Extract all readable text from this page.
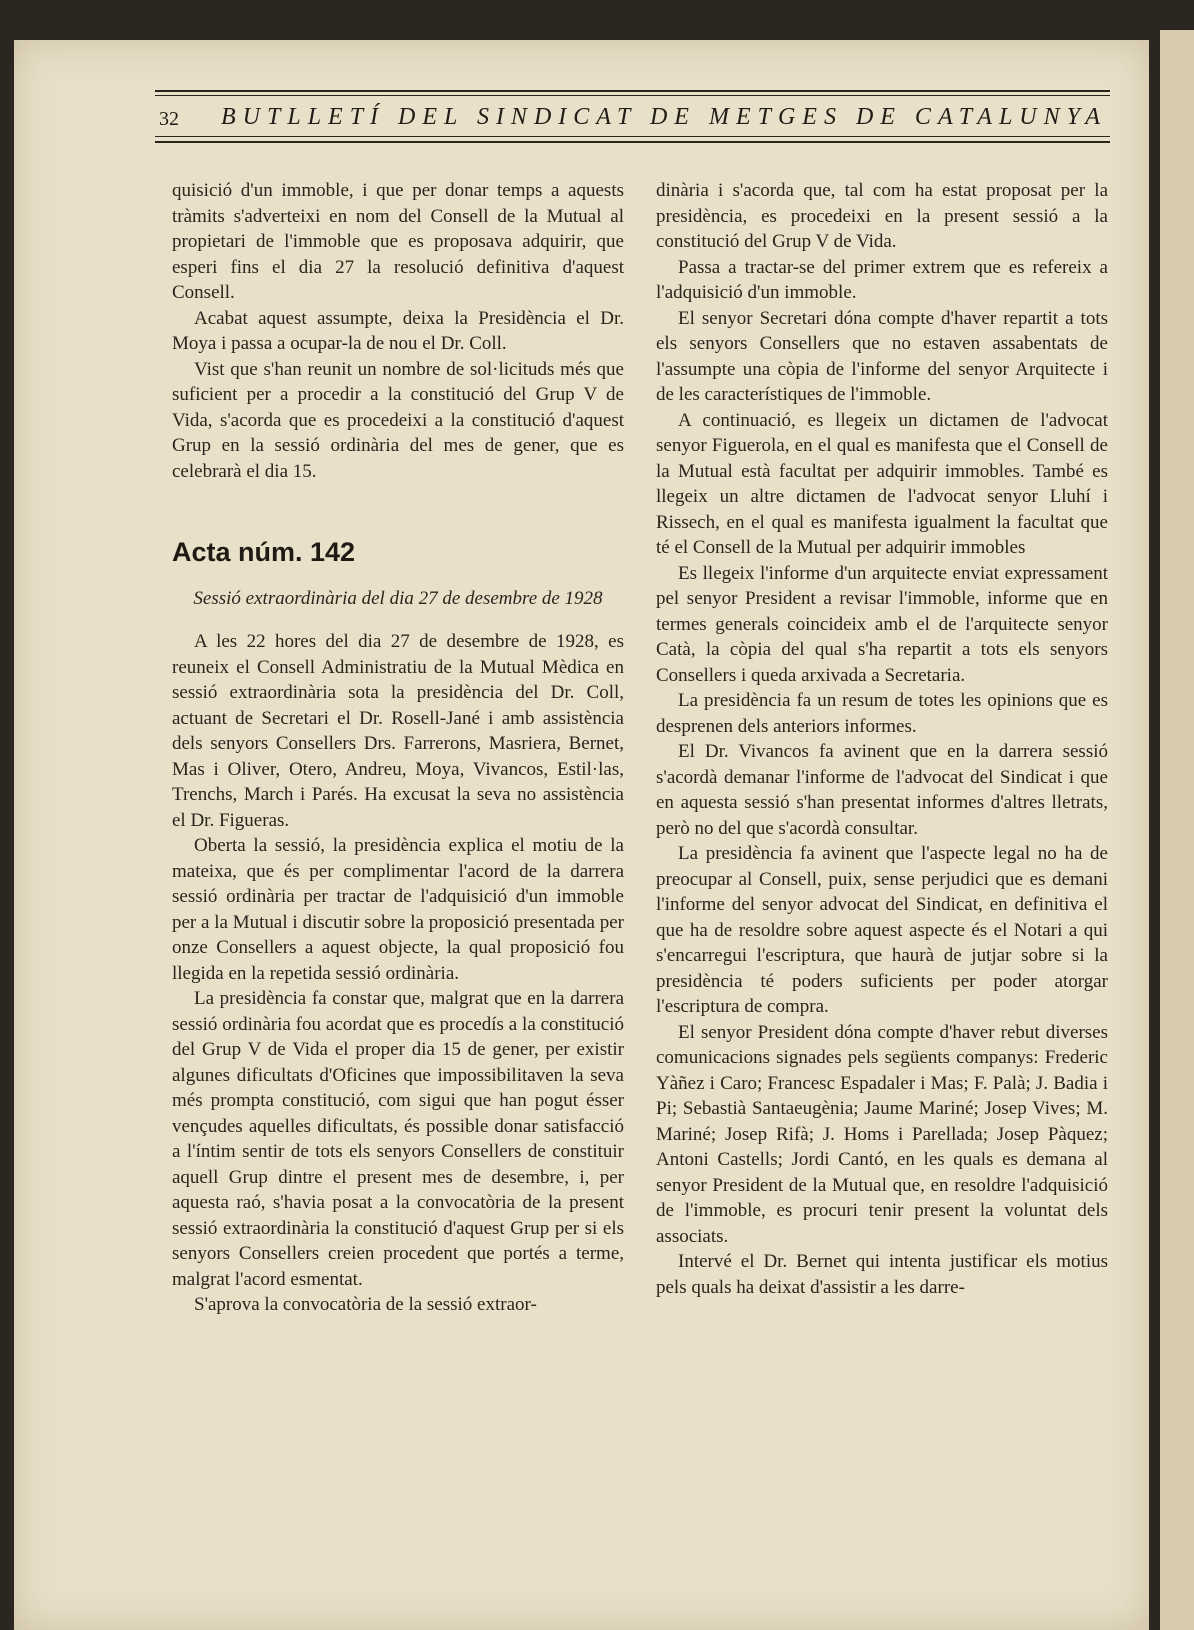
32 BUTLLETÍ DEL SINDICAT DE METGES DE CATALUNYA

quisició d'un immoble, i que per donar temps a aquests tràmits s'adverteixi en nom del Consell de la Mutual al propietari de l'immoble que es proposava adquirir, que esperi fins el dia 27 la resolució definitiva d'aquest Consell.

Acabat aquest assumpte, deixa la Presidència el Dr. Moya i passa a ocupar-la de nou el Dr. Coll.

Vist que s'han reunit un nombre de sol·licituds més que suficient per a procedir a la constitució del Grup V de Vida, s'acorda que es procedeixi a la constitució d'aquest Grup en la sessió ordinària del mes de gener, que es celebrarà el dia 15.

Acta núm. 142
Sessió extraordinària del dia 27 de desembre de 1928

A les 22 hores del dia 27 de desembre de 1928, es reuneix el Consell Administratiu de la Mutual Mèdica en sessió extraordinària sota la presidència del Dr. Coll, actuant de Secretari el Dr. Rosell-Jané i amb assistència dels senyors Consellers Drs. Farrerons, Masriera, Bernet, Mas i Oliver, Otero, Andreu, Moya, Vivancos, Estil·las, Trenchs, March i Parés. Ha excusat la seva no assistència el Dr. Figueras.

Oberta la sessió, la presidència explica el motiu de la mateixa, que és per complimentar l'acord de la darrera sessió ordinària per tractar de l'adquisició d'un immoble per a la Mutual i discutir sobre la proposició presentada per onze Consellers a aquest objecte, la qual proposició fou llegida en la repetida sessió ordinària.

La presidència fa constar que, malgrat que en la darrera sessió ordinària fou acordat que es procedís a la constitució del Grup V de Vida el proper dia 15 de gener, per existir algunes dificultats d'Oficines que impossibilitaven la seva més prompta constitució, com sigui que han pogut ésser vençudes aquelles dificultats, és possible donar satisfacció a l'íntim sentir de tots els senyors Consellers de constituir aquell Grup dintre el present mes de desembre, i, per aquesta raó, s'havia posat a la convocatòria de la present sessió extraordinària la constitució d'aquest Grup per si els senyors Consellers creien procedent que portés a terme, malgrat l'acord esmentat.

S'aprova la convocatòria de la sessió extraor-

dinària i s'acorda que, tal com ha estat proposat per la presidència, es procedeixi en la present sessió a la constitució del Grup V de Vida.

Passa a tractar-se del primer extrem que es refereix a l'adquisició d'un immoble.

El senyor Secretari dóna compte d'haver repartit a tots els senyors Consellers que no estaven assabentats de l'assumpte una còpia de l'informe del senyor Arquitecte i de les característiques de l'immoble.

A continuació, es llegeix un dictamen de l'advocat senyor Figuerola, en el qual es manifesta que el Consell de la Mutual està facultat per adquirir immobles. També es llegeix un altre dictamen de l'advocat senyor Lluhí i Rissech, en el qual es manifesta igualment la facultat que té el Consell de la Mutual per adquirir immobles

Es llegeix l'informe d'un arquitecte enviat expressament pel senyor President a revisar l'immoble, informe que en termes generals coincideix amb el de l'arquitecte senyor Catà, la còpia del qual s'ha repartit a tots els senyors Consellers i queda arxivada a Secretaria.

La presidència fa un resum de totes les opinions que es desprenen dels anteriors informes.

El Dr. Vivancos fa avinent que en la darrera sessió s'acordà demanar l'informe de l'advocat del Sindicat i que en aquesta sessió s'han presentat informes d'altres lletrats, però no del que s'acordà consultar.

La presidència fa avinent que l'aspecte legal no ha de preocupar al Consell, puix, sense perjudici que es demani l'informe del senyor advocat del Sindicat, en definitiva el que ha de resoldre sobre aquest aspecte és el Notari a qui s'encarregui l'escriptura, que haurà de jutjar sobre si la presidència té poders suficients per poder atorgar l'escriptura de compra.

El senyor President dóna compte d'haver rebut diverses comunicacions signades pels següents companys: Frederic Yàñez i Caro; Francesc Espadaler i Mas; F. Palà; J. Badia i Pi; Sebastià Santaeugènia; Jaume Mariné; Josep Vives; M. Mariné; Josep Rifà; J. Homs i Parellada; Josep Pàquez; Antoni Castells; Jordi Cantó, en les quals es demana al senyor President de la Mutual que, en resoldre l'adquisició de l'immoble, es procuri tenir present la voluntat dels associats.

Intervé el Dr. Bernet qui intenta justificar els motius pels quals ha deixat d'assistir a les darre-
